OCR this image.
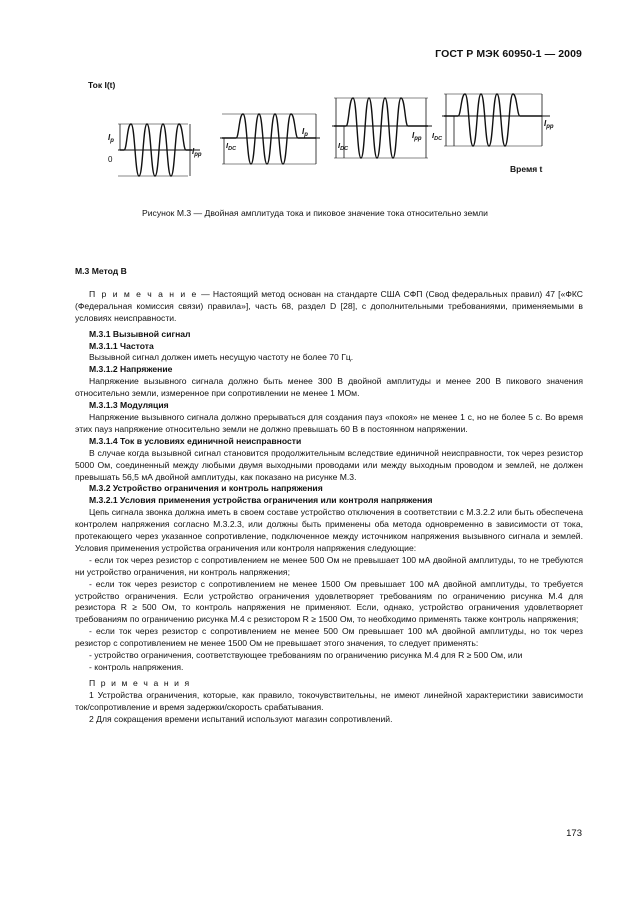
ГОСТ Р МЭК 60950-1 — 2009
Ток I(t)
Время t
$I_p$
0
$I_{pp}$
$I_{DC}$
$I_p$
$I_{DC}$
$I_{pp}$ $I_{DC}$
$I_{pp}$
Рисунок М.3 — Двойная амплитуда тока и пиковое значение тока относительно земли

M.3 Метод В

П р и м е ч а н и е — Настоящий метод основан на стандарте США СФП (Свод федеральных правил) 47 [«ФКС (Федеральная комиссия связи) правила»], часть 68, раздел D [28], с дополнительными требованиями, применяемыми в условиях неисправности.

М.3.1 Вызывной сигнал

М.3.1.1 Частота

Вызывной сигнал должен иметь несущую частоту не более 70 Гц.

М.3.1.2 Напряжение

Напряжение вызывного сигнала должно быть менее 300 В двойной амплитуды и менее 200 В пикового значения относительно земли, измеренное при сопротивлении не менее 1 МОм.

М.3.1.3 Модуляция

Напряжение вызывного сигнала должно прерываться для создания пауз «покоя» не менее 1 с, но не более 5 с. Во время этих пауз напряжение относительно земли не должно превышать 60 В в постоянном напряжении.

М.3.1.4 Ток в условиях единичной неисправности

В случае когда вызывной сигнал становится продолжительным вследствие единичной неисправности, ток через резистор 5000 Ом, соединенный между любыми двумя выходными проводами или между выходным проводом и землей, не должен превышать 56,5 мА двойной амплитуды, как показано на рисунке М.3.

М.3.2 Устройство ограничения и контроль напряжения

М.3.2.1 Условия применения устройства ограничения или контроля напряжения

Цепь сигнала звонка должна иметь в своем составе устройство отключения в соответствии с М.3.2.2 или быть обеспечена контролем напряжения согласно М.3.2.3, или должны быть применены оба метода одновременно в зависимости от тока, протекающего через указанное сопротивление, подключенное между источником напряжения вызывного сигнала и землей. Условия применения устройства ограничения или контроля напряжения следующие:

- если ток через резистор с сопротивлением не менее 500 Ом не превышает 100 мА двойной амплитуды, то не требуются ни устройство ограничения, ни контроль напряжения;

- если ток через резистор с сопротивлением не менее 1500 Ом превышает 100 мА двойной амплитуды, то требуется устройство ограничения. Если устройство ограничения удовлетворяет требованиям по ограничению рисунка М.4 для резистора R ≥ 500 Ом, то контроль напряжения не применяют. Если, однако, устройство ограничения удовлетворяет требованиям по ограничению рисунка М.4 с резистором R ≥ 1500 Ом, то необходимо применять также контроль напряжения;

- если ток через резистор с сопротивлением не менее 500 Ом превышает 100 мА двойной амплитуды, но ток через резистор с сопротивлением не менее 1500 Ом не превышает этого значения, то следует применять:

- устройство ограничения, соответствующее требованиям по ограничению рисунка М.4 для R ≥ 500 Ом, или

- контроль напряжения.

П р и м е ч а н и я

1 Устройства ограничения, которые, как правило, токочувствительны, не имеют линейной характеристики зависимости ток/сопротивление и время задержки/скорость срабатывания.

2 Для сокращения времени испытаний используют магазин сопротивлений.

173
